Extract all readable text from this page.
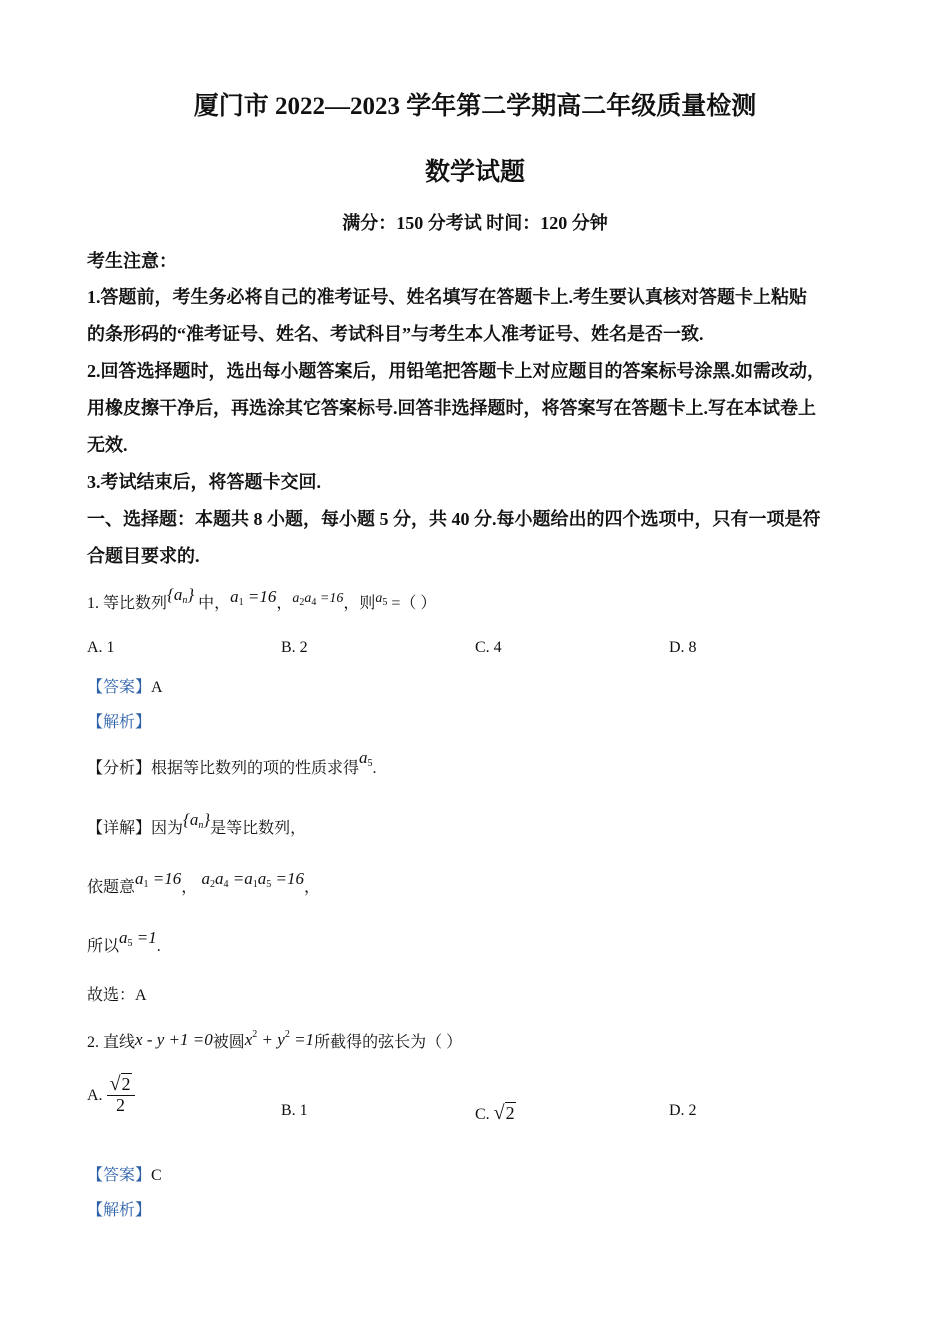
厦门市 2022—2023 学年第二学期高二年级质量检测
数学试题
满分：150 分考试 时间：120 分钟
考生注意：
1.答题前，考生务必将自己的准考证号、姓名填写在答题卡上.考生要认真核对答题卡上粘贴
的条形码的“准考证号、姓名、考试科目”与考生本人准考证号、姓名是否一致.
2.回答选择题时，选出每小题答案后，用铅笔把答题卡上对应题目的答案标号涂黑.如需改动，
用橡皮擦干净后，再选涂其它答案标号.回答非选择题时，将答案写在答题卡上.写在本试卷上
无效.
3.考试结束后，将答题卡交回.
一、选择题：本题共 8 小题，每小题 5 分，共 40 分.每小题给出的四个选项中，只有一项是符
合题目要求的.
1. 等比数列$\{a_n\}$ 中，$a_1 =16$，$a_2a_4 =16$，则$a_5$ =（ ）
A. 1	B. 2	C. 4	D. 8
【答案】A
【解析】
【分析】根据等比数列的项的性质求得$a_5$.
【详解】因为$\{a_n\}$是等比数列，
依题意$a_1 =16$， $a_2a_4 =a_1a_5 =16$，
所以$a_5 =1$.
故选：A
2. 直线x - y +1 =0被圆$x^2 + y^2 =1$所截得的弦长为（ ）
A. $\frac{√2}{2}$	B. 1	C. √2	D. 2
【答案】C
【解析】
